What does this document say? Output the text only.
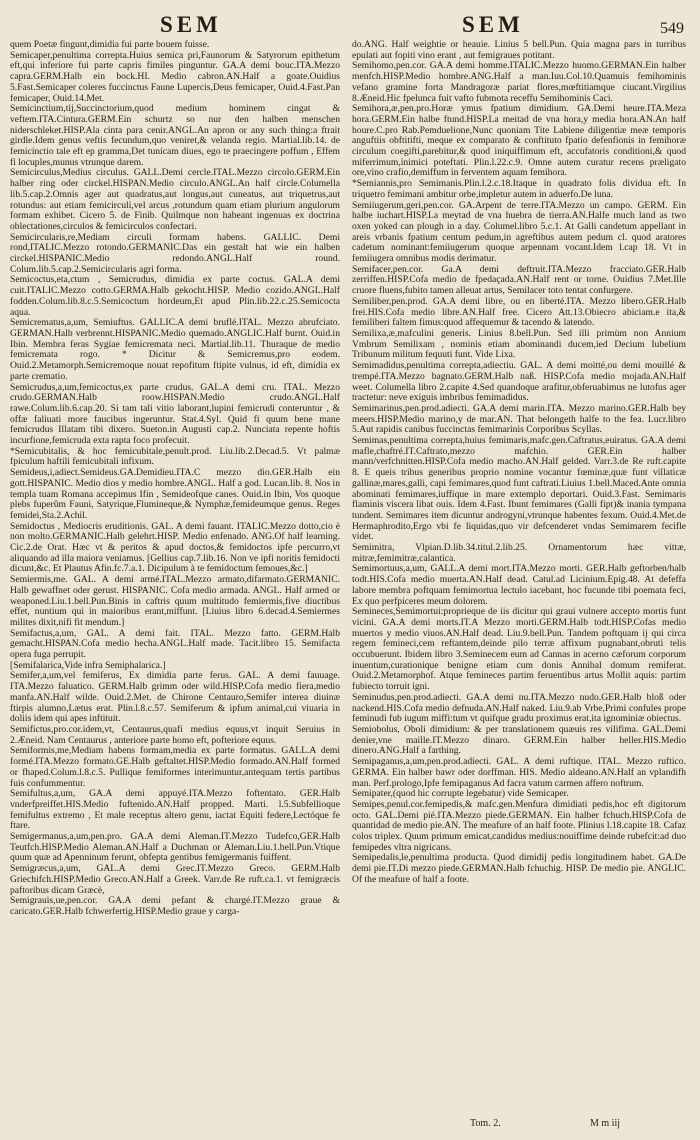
SEM	SEM	549

quem Poetæ fingunt,dimidia fui parte bouem fuisse.

Semicaper,penultima correpta.Huius semica pri,Faunorum & Satyrorum epithetum eft,qui inferiore fui parte capris fimiles pinguntur. GA.A demi bouc.ITA.Mezzo capra.GERM.Halb ein bock.HI. Medio cabron.AN.Half a goate.Ouidius 5.Fast.Semicaper coleres fuccinctus Faune Lupercis,Deus femicaper, Ouid.4.Fast.Pan femicaper, Ouid.14.Met.

Semicinctium,tij,Succinctorium,quod medium hominem cingat & veftem.ITA.Cintura.GERM.Ein schurtz so nur den halben menschen niderschleket.HISP.Ala cinta para cenir.ANGL.An apron or any such thing:a ftrait girdle.Idem genus veftis fecundum,quo veniret,& velanda regio. Martial.lib.14. de femicinctio tale eft ep gramma,Det tunicam diues, ego te praecingere poffum , Effem fi locuples,munus vtrunque darem.

Semicirculus,Medius circulus. GALL.Demi cercle.ITAL.Mezzo circolo.GERM.Ein halber ring oder circkel.HISPAN.Medio circulo.ANGL.An half circle.Columella lib.5.cap.2.Omnis ager aut quadratus,aut longus,aut cuneatus, aut triquetrus,aut rotundus: aut etiam femicirculi,vel arcus ,rotundum quam etiam plurium angulorum formam exhibet. Cicero 5. de Finib. Quilmque non habeant ingenuas ex doctrina oblectationes,circulos & femicirculos confectari.

Semicircularis,re,Mediam circuli formam habens. GALLIC. Demi rond,ITALIC.Mezzo rotondo.GERMANIC.Das ein gestalt hat wie ein halben circkel.HISPANIC.Medio redondo.ANGL.Half round. Colum.lib.5.cap.2.Semicircularis agri forma.

Semicoctus,eta,ctum , Semicrudus, dimidia ex parte coctus. GAL.A demi cuit.ITALIC.Mezzo cotto.GERMA.Halb gekocht.HISP. Medio cozido.ANGL.Half fodden.Colum.lib.8.c.5.Semicoctum hordeum,Et apud Plin.lib.22.c.25.Semicocta aqua.

Semicrematus,a,um, Semiuftus. GALLIC.A demi bruflé.ITAL. Mezzo abrufciato. GERMAN.Halb verbrennt.HISPANIC.Medio quemado.ANGLIC.Half burnt. Ouid.in Ibin. Membra feras Sygiae femicremata neci. Martial.lib.11. Thuraque de medio femicremata rogo. * Dicitur & Semicremus,pro eodem. Ouid.2.Metamorph.Semicremoque nouat repofitum ftipite vulnus, id eft, dimidia ex parte crematio.

Semicrudus,a,um,femicoctus,ex parte crudus. GAL.A demi cru. ITAL. Mezzo crudo.GERMAN.Halb roow.HISPAN.Medio crudo.ANGL.Half rawe.Colum.lib.6.cap.20. Si tam tali vitio laborant,lupini femicrudi conteruntur , & offæ faliuati more faucibus ingeruntur. Stat.4.Syl. Quid fi quum bene mane femicrudus Illatam tibi dixero. Sueton.in Augusti cap.2. Nunciata repente hoftis incurfione,femicruda exta rapta foco profecuit.

*Semicubitalis, & hoc femicubitale,penult.prod. Liu.lib.2.Decad.5. Vt palmæ fpiculum haftili femicubitali infixum.

Semideus,i,adiect.Semideus.GA.Demidieu.ITA.C mezzo dio.GER.Halb ein gott.HISPANIC. Medio dios y medio hombre.ANGL. Half a god. Lucan.lib. 8. Nos in templa tuam Romana accepimus Ifin , Semideofque canes. Ouid.in Ibin, Vos quoque plebs fuperûm Fauni, Satyrique,Flumineque,& Nymphæ,femideumque genus. Reges femidei,Sta.2.Achil.

Semidoctus , Mediocris eruditionis. GAL. A demi fauant. ITALIC.Mezzo dotto,cio è non molto.GERMANIC.Halb gelehrt.HISP. Medio enfenado. ANG.Of half learning. Cic.2.de Orat. Hæc vt & peritos & apud doctos,& femidoctos ipfe percurro,vt aliquando ad illa maiora veniamus. [Gellius cap.7.lib.16. Non ve ipfi noritis femidocti dicunt,&c. Et Plautus Afin.fc.7.a.1. Dicipulum à te femidoctum femoues,&c.]

Semiermis,me. GAL. A demi armé.ITAL.Mezzo armato,difarmato.GERMANIC. Halb gewaffnet oder gerust. HISPANIC. Cofa medio armada. ANGL. Half armed or weaponed.Liu.1.bell.Pun.Binis in caftris quum multitudo femiermis,five diuctibus effet, nuntium qui in maioribus erant,miffunt. [Liuius libro 6.decad.4.Semiermes milites dixit,nifi fit mendum.]

Semifactus,a,um, GAL. A demi fait. ITAL. Mezzo fatto. GERM.Halb gemacht.HISPAN.Cofa medio hecha.ANGL.Half made. Tacit.libro 15. Semifacta opera fuga perrupit.

[Semifalarica,Vide infra Semiphalarica.]

Semifer,a,um,vel femiferus, Ex dimidia parte ferus. GAL. A demi fauuage. ITA.Mezzo faluatico. GERM.Halb grimm oder wild.HISP.Cofa medio fiera,medio manfa.AN.Half wilde. Ouid.2.Met. de Chirone Centauro,Semifer interea diuinæ ftirpis alumno,Lætus erat. Plin.l.8.c.57. Semiferum & ipfum animal,cui viuaria in doliis idem qui apes inftituit.

Semifictus,pro.cor.idem,vt, Centaurus,quafi medius equus,vt inquit Seruius in 2.Æneid. Nam Centaurus , anteriore parte homo eft, pofteriore equus.

Semiformis,me,Mediam habens formam,media ex parte formatus. GALL.A demi formé.ITA.Mezzo formato.GE.Halb geftaltet.HISP.Medio formado.AN.Half formed or fhaped.Colum.l.8.c.5. Pullique femiformes interimuntur,antequam tertis partibus fuis confummentur.

Semifultus,a,um, GA.A demi appuyé.ITA.Mezzo foftentato. GER.Halb vnderfpreiffet.HIS.Medio fuftenido.AN.Half propped. Marti. l.5.Subfellioque femifultus extremo , Et male receptus altero genu, iactat Equiti federe,Lectóque fe ftare.

Semigermanus,a,um,pen.pro. GA.A demi Aleman.IT.Mezzo Tudefco,GER.Halb Teutfch.HISP.Medio Aleman.AN.Half a Duchman or Aleman.Liu.1.bell.Pun.Vtique quum quæ ad Apenninum ferunt, obfepta gentibus femigermanis fuiffent.

Semigræcus,a,um, GAL.A demi Grec.IT.Mezzo Greco. GERM.Halb Griechifch.HISP.Medio Greco.AN.Half a Greek. Varr.de Re ruft.ca.1. vt femigræcis paftoribus dicam Græcè,

Semigrauis,ue,pen.cor. GA.A demi pefant & chargé.IT.Mezzo graue & caricato.GER.Halb fchwerfertig.HISP.Medio graue y carga-

do.ANG. Half weightie or heauie. Linius 5 bell.Pun. Quia magna pars in turribus epulati aut fopiti vino erant , aut femigraues potitant.

Semihomo,pen.cor. GA.A demi homme.ITALIC.Mezzo huomo.GERMAN.Ein halber menfch.HISP.Medio hombre.ANG.Half a man.Iuu.Col.10.Quamuis femihominis vefano gramine forta Mandragoræ pariat flores,mœftitiamque ciucant.Virgilius 8.Æneid.Hic fpelunca fuit vafto fubmota receffu Semihominis Caci.

Semihora,æ,pen.pro.Horæ ymus fpatium dimidium. GA.Demi heure.ITA.Meza hora.GERM.Ein halbe ftund.HISP.La meitad de vna hora,y media hora.AN.An half houre.C.pro Rab.Pemduelione,Nunc quoniam Tite Labiene diligentiæ meæ temporis anguftiis obftitifti, meque ex comparato & conftituto fpatio defenfionis in femihoræ circulum coegifti,parebitur,& quod iniquiffimum eft, accufatoris conditioni,& quod miferrimum,inimici poteftati. Plin.l.22.c.9. Omne autem curatur recens præligato ore,vino crafio,demiffum in ferventem aquam femihora.

*Semiannis,pro Semimanis.Plin.l.2.c.18.Itaque in quadrato folis dividua eft. In triquetro femimani ambitur orbe,impletur autem in aduerfo.De luna.

Semiiugerum,geri,pen.cor. GA.Arpent de terre.ITA.Mezzo un campo. GERM. Ein halbe iuchart.HISP.La meytad de vna huebra de tierra.AN.Halfe much land as two oxen yoked can plough in a day. Columel.libro 5.c.1. At Galli candetum appellant in areis vrbanis fpatium centum pedum,in agreftibus autem pedum cl. quod aratores cadetum nominant:femiiugerum quoque arpennam vocant.Idem l.cap 18. Vt in femiiugera omnibus modis derimatur.

Semifacer,pen.cor. Ga.A demi deftruit.ITA.Mezzo fracciato.GER.Halb zerriffen.HISP.Cofa medio de fpedaçada.AN.Half rent or torne. Ouidius 7.Met.Ille cruore fluens,fubito tamen alleuat artus, Semilacer toto tentat confurgere.

Semiliber,pen.prod. GA.A demi libre, ou en liberté.ITA. Mezzo libero.GER.Halb frei.HIS.Cofa medio libre.AN.Half free. Cicero Att.13.Obiecro abiciam.e ita,& femiliberi faltem fimus:quod affequemur & tacendo & latendo.

Semilixa,æ,mafculini generis. Linius 8.bell.Pun. Sed illi primùm non Annium Vmbrum Semilixam , nominis etiam abominandi ducem,ied Decium Iubelium Tribunum militum fequuti funt. Vide Lixa.

Semimadidus,penultima correpta,adiectiu. GAL. A demi moitté,ou demi mouillé & trempé.ITA.Mezzo bagnato.GERM.Halb naß. HISP.Cofa medio mojada.AN.Half weet. Columella libro 2.capite 4.Sed quandoque arafitur,obferuabimus ne lutofus ager tractetur: neve exiguis imbribus femimadidus.

Semimarinus,pen.prod.adiecti. GA.A demi marin.ITA. Mezzo marino.GER.Halb bey meers.HISP.Medio marino,y de mar.AN. That belongeth halfe to the fea. Lucr.libro 5.Aut rapidis canibus fuccinctas femimarinis Corporibus Scyllas.

Semimas,penultima correpta,huius femimaris,mafc.gen.Caftratus,euiratus. GA.A demi mafle,chaftré.IT.Caftrato,mezzo mafchio. GER.Ein halber mann/verfchnitten.HISP.Cofa medio macho.AN.Half gelded. Varr.3.de Re ruft.capite 8. E queis tribus generibus proprio nomine vocantur fœminæ,quæ funt villaticæ gallinæ,mares,galli, capi femimares,quod funt caftrati.Liuius 1.bell.Maced.Ante omnia abominati femimares,iuffique in mare extemplo deportari. Ouid.3.Fast. Semimaris flaminis viscera libat ouis. Idem 4.Fast. Ibunt femimares (Galli fipt)& inania tympana tundent. Semimares item dicuntur androgyni,vtrunque habentes fexum. Ouid.4.Met.de Hermaphrodito,Ergo vbi fe liquidas,quo vir defcenderet vndas Semimarem fecifle videt.

Semimitra, Vlpian.D.lib.34.titul.2.lib.25. Ornamentorum hæc vittæ, mitræ,femimitræ,calantica.

Semimortuus,a,um, GALL.A demi mort.ITA.Mezzo morti. GER.Halb geftorben/halb todt.HIS.Cofa medio muerta.AN.Half dead. Catul.ad Licinium.Epig.48. At defeffa labore membra poftquam femimortua lectulo iacebant, hoc fucunde tibi poemata feci, Ex quo perfpiceres meum dolorem.

Semineces,Semimortui:proprieque de iis dicitur qui graui vulnere accepto mortis funt vicini. GA.A demi morts.IT.A Mezzo morti.GERM.Halb todt.HISP.Cofas medio muertos y medio viuos.AN.Half dead. Liu.9.bell.Pun. Tandem poftquam ij qui circa regem femineci,cem reftantem,deinde pilo terræ affixum pugnabant,obruti telis occubuerunt. Ibidem libro 3.Seminecem eum ad Cannas in acerno cæforum corporum inuentum,curationique benigne etiam cum donis Annibal domum remiferat. Ouid.2.Metamorphof. Atque femineces partim feruentibus artus Mollit aquis: partim fubiecto torruit igni.

Seminudus,pen.prod.adiecti. GA.A demi nu.ITA.Mezzo nudo.GER.Halb bloß oder nackend.HIS.Cofa medio defnuda.AN.Half naked. Liu.9.ab Vrbe,Primi confules prope feminudi fub iugum miffi:tum vt quifque gradu proximus erat,ita ignominiæ obiectus.

Semiobolus, Oboli dimidium: & per translationem quæuis res vilifima. GAL.Demi denier,vne maille.IT.Mezzo dinaro. GERM.Ein halber heller.HIS.Medio dinero.ANG.Half a farthing.

Semipaganus,a,um,pen.prod.adiecti. GAL. A demi ruftique. ITAL. Mezzo ruftico. GERMA. Ein halber bawr oder dorffman. HIS. Medio aldeano.AN.Half an vplandifh man. Perf.prologo,Ipfe femipaganus Ad facra vatum carmen affero noftrum.

Semipater,(quod hic corrupte legebatur) vide Semicaper.

Semipes,penul.cor.femipedis,& mafc.gen.Menfura dimidiati pedis,hoc eft digitorum octo. GAL.Demi pié.ITA.Mezzo piede.GERMAN. Ein halber fchuch.HISP.Cofa de quantidad de medio pie.AN. The meafure of an half foote. Plinius l.18.capite 18. Cafaz colos triplex. Quum primum emicat,candidus medius:nouiffime deinde rubefcit:ad duo femipedes vltra nigricans.

Semipedalis,le,penultima producta. Quod dimidij pedis longitudinem habet. GA.De demi pie.IT.Di mezzo piede.GERMAN.Halb fchuchig. HISP. De medio pie. ANGLIC. Of the meafure of half a foote.

Tom. 2.	M m iij
